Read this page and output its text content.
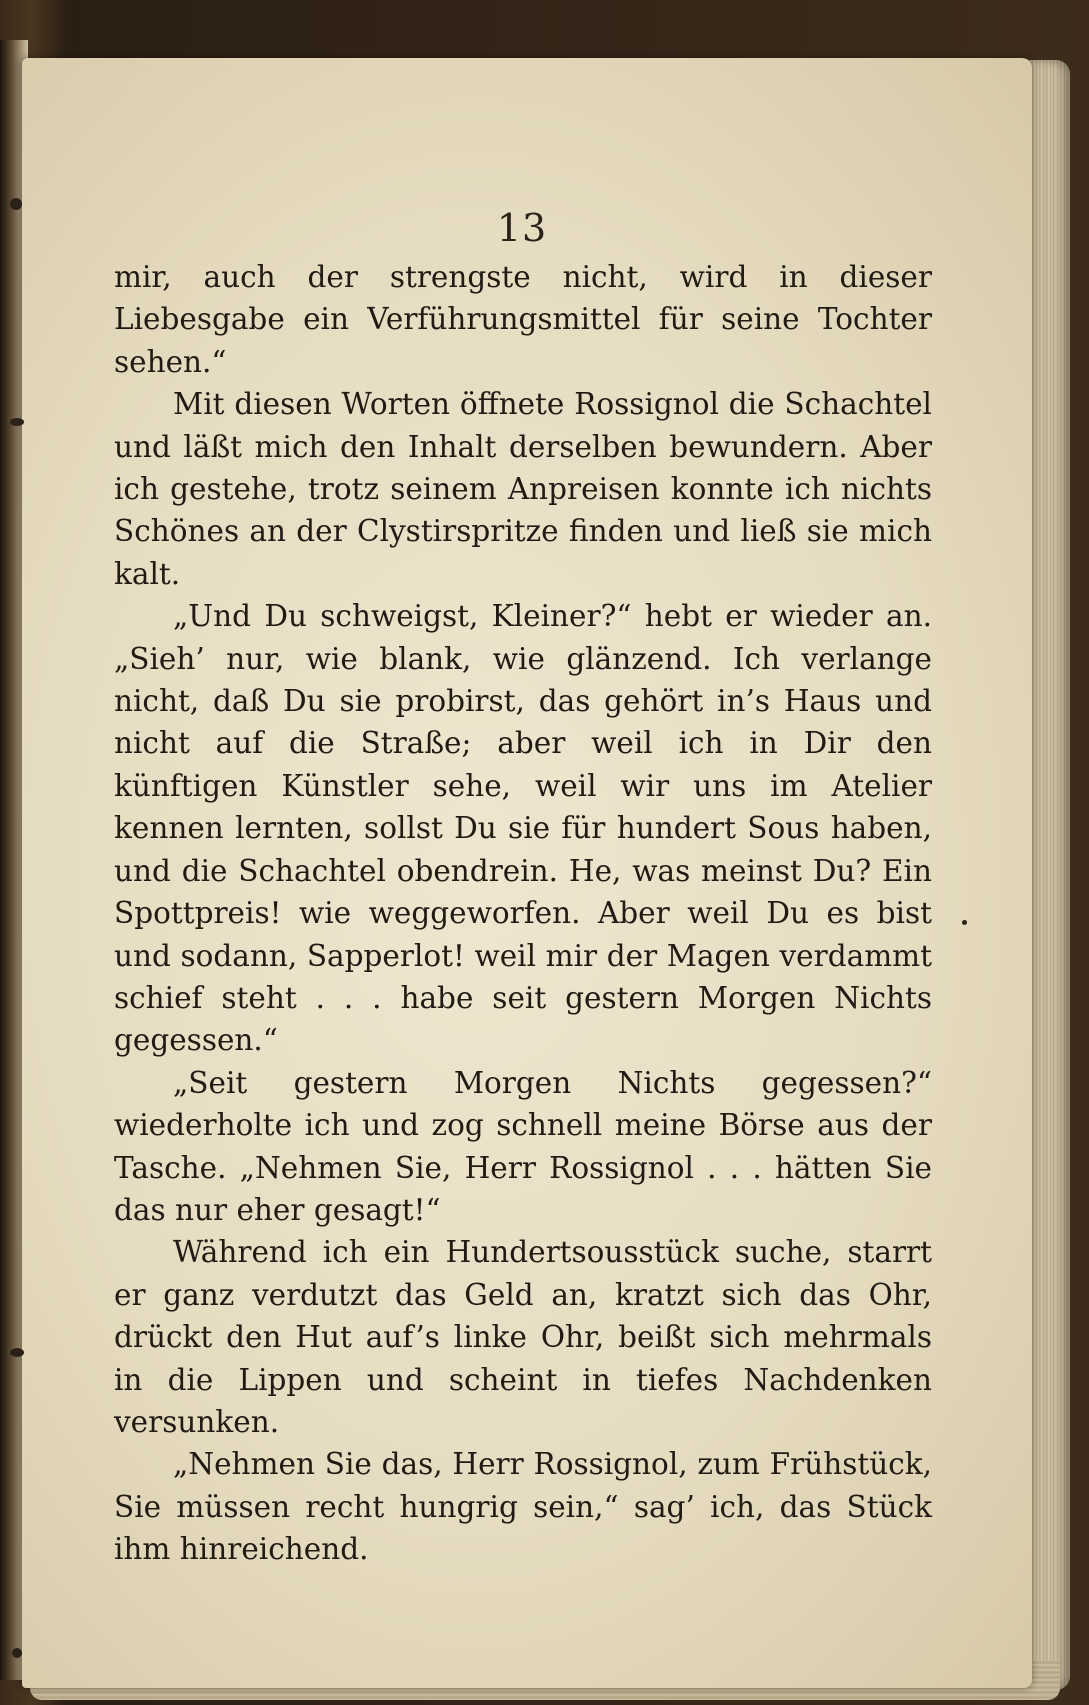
13

mir, auch der strengste nicht, wird in dieser Liebesgabe ein Verführungsmittel für seine Tochter sehen.“

Mit diesen Worten öffnete Rossignol die Schachtel und läßt mich den Inhalt derselben bewundern. Aber ich gestehe, trotz seinem Anpreisen konnte ich nichts Schönes an der Clystirspritze finden und ließ sie mich kalt.

„Und Du schweigst, Kleiner?“ hebt er wieder an. „Sieh’ nur, wie blank, wie glänzend. Ich verlange nicht, daß Du sie probirst, das gehört in’s Haus und nicht auf die Straße; aber weil ich in Dir den künftigen Künstler sehe, weil wir uns im Atelier kennen lernten, sollst Du sie für hundert Sous haben, und die Schachtel obendrein. He, was meinst Du? Ein Spottpreis! wie weggeworfen. Aber weil Du es bist und sodann, Sapperlot! weil mir der Magen verdammt schief steht . . . habe seit gestern Morgen Nichts gegessen.“

„Seit gestern Morgen Nichts gegessen?“ wiederholte ich und zog schnell meine Börse aus der Tasche. „Nehmen Sie, Herr Rossignol . . . hätten Sie das nur eher gesagt!“

Während ich ein Hundertsousstück suche, starrt er ganz verdutzt das Geld an, kratzt sich das Ohr, drückt den Hut auf’s linke Ohr, beißt sich mehrmals in die Lippen und scheint in tiefes Nachdenken versunken.

„Nehmen Sie das, Herr Rossignol, zum Frühstück, Sie müssen recht hungrig sein,“ sag’ ich, das Stück ihm hinreichend.
